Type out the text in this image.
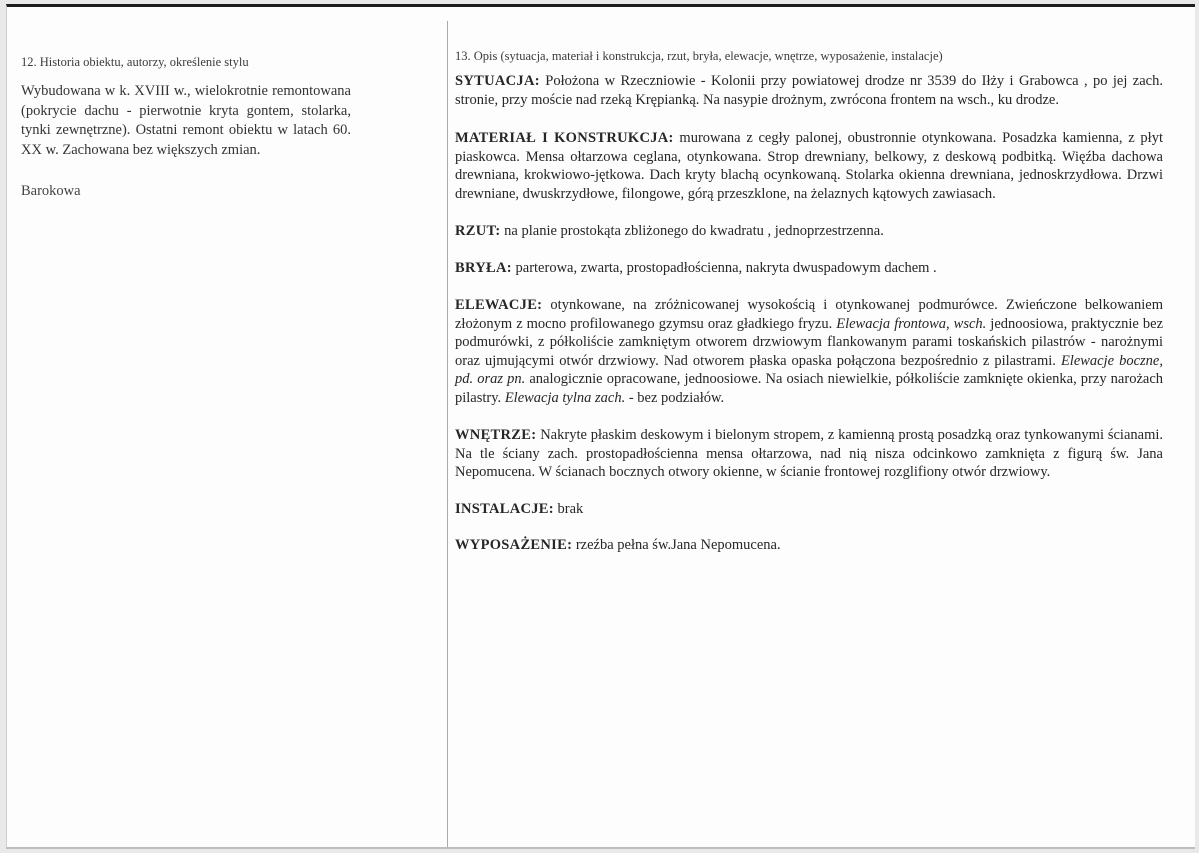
12. Historia obiektu, autorzy, określenie stylu
Wybudowana w k. XVIII w., wielokrotnie remontowana (pokrycie dachu - pierwotnie kryta gontem, stolarka, tynki zewnętrzne). Ostatni remont obiektu w latach 60. XX w. Zachowana bez większych zmian.
Barokowa
13. Opis (sytuacja, materiał i konstrukcja, rzut, bryła, elewacje, wnętrze, wyposażenie, instalacje)

SYTUACJA: Położona w Rzeczniowie - Kolonii przy powiatowej drodze nr 3539 do Iłży i Grabowca , po jej zach. stronie, przy moście nad rzeką Krępianką. Na nasypie drożnym, zwrócona frontem na wsch., ku drodze.

MATERIAŁ I KONSTRUKCJA: murowana z cegły palonej, obustronnie otynkowana. Posadzka kamienna, z płyt piaskowca. Mensa ołtarzowa ceglana, otynkowana. Strop drewniany, belkowy, z deskową podbitką. Więźba dachowa drewniana, krokwiowo-jętkowa. Dach kryty blachą ocynkowaną. Stolarka okienna drewniana, jednoskrzydłowa. Drzwi drewniane, dwuskrzydłowe, filongowe, górą przeszklone, na żelaznych kątowych zawiasach.

RZUT: na planie prostokąta zbliżonego do kwadratu , jednoprzestrzenna.

BRYŁA: parterowa, zwarta, prostopadłościenna, nakryta dwuspadowym dachem .

ELEWACJE: otynkowane, na zróżnicowanej wysokością i otynkowanej podmurówce. Zwieńczone belkowaniem złożonym z mocno profilowanego gzymsu oraz gładkiego fryzu. Elewacja frontowa, wsch. jednoosiowa, praktycznie bez podmurówki, z półkoliście zamkniętym otworem drzwiowym flankowanym parami toskańskich pilastrów - narożnymi oraz ujmującymi otwór drzwiowy. Nad otworem płaska opaska połączona bezpośrednio z pilastrami. Elewacje boczne, pd. oraz pn. analogicznie opracowane, jednoosiowe. Na osiach niewielkie, półkoliście zamknięte okienka, przy narożach pilastry. Elewacja tylna zach. - bez podziałów.

WNĘTRZE: Nakryte płaskim deskowym i bielonym stropem, z kamienną prostą posadzką oraz tynkowanymi ścianami. Na tle ściany zach. prostopadłościenna mensa ołtarzowa, nad nią nisza odcinkowo zamknięta z figurą św. Jana Nepomucena. W ścianach bocznych otwory okienne, w ścianie frontowej rozglifiony otwór drzwiowy.

INSTALACJE: brak

WYPOSAŻENIE: rzeźba pełna św.Jana Nepomucena.
